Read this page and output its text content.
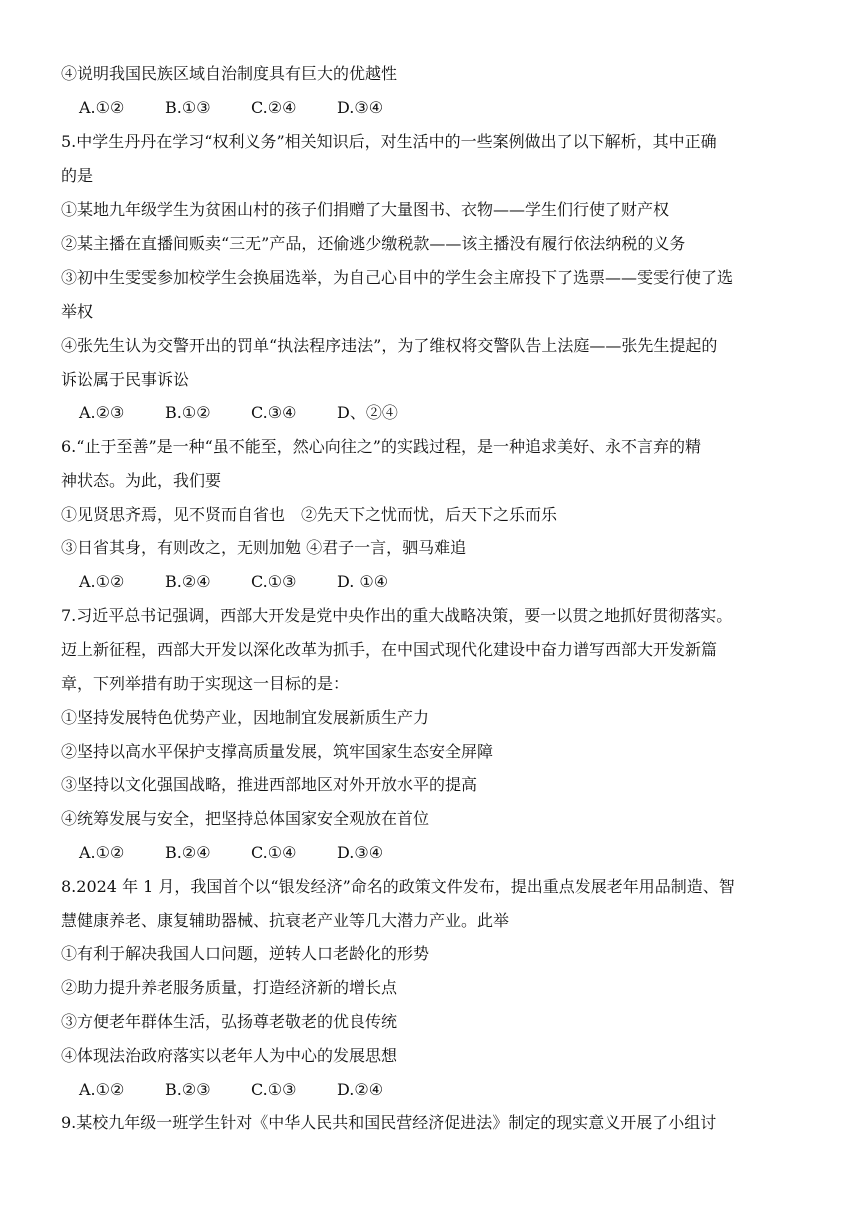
④说明我国民族区域自治制度具有巨大的优越性
A.①②	B.①③	C.②④	D.③④
5.中学生丹丹在学习“权利义务”相关知识后，对生活中的一些案例做出了以下解析，其中正确
的是
①某地九年级学生为贫困山村的孩子们捐赠了大量图书、衣物——学生们行使了财产权
②某主播在直播间贩卖“三无”产品，还偷逃少缴税款——该主播没有履行依法纳税的义务
③初中生雯雯参加校学生会换届选举，为自己心目中的学生会主席投下了选票——雯雯行使了选
举权
④张先生认为交警开出的罚单“执法程序违法”，为了维权将交警队告上法庭——张先生提起的
诉讼属于民事诉讼
A.②③	B.①②	C.③④	D、②④
6.“止于至善”是一种“虽不能至，然心向往之”的实践过程，是一种追求美好、永不言弃的精
神状态。为此，我们要
①见贤思齐焉，见不贤而自省也　②先天下之忧而忧，后天下之乐而乐
③日省其身，有则改之，无则加勉 ④君子一言，驷马难追
A.①②	B.②④	C.①③	D. ①④
7.习近平总书记强调，西部大开发是党中央作出的重大战略决策，要一以贯之地抓好贯彻落实。
迈上新征程，西部大开发以深化改革为抓手，在中国式现代化建设中奋力谱写西部大开发新篇
章，下列举措有助于实现这一目标的是：
①坚持发展特色优势产业，因地制宜发展新质生产力
②坚持以高水平保护支撑高质量发展，筑牢国家生态安全屏障
③坚持以文化强国战略，推进西部地区对外开放水平的提高
④统筹发展与安全，把坚持总体国家安全观放在首位
A.①②	B.②④	C.①④	D.③④
8.2024 年 1 月，我国首个以“银发经济”命名的政策文件发布，提出重点发展老年用品制造、智
慧健康养老、康复辅助器械、抗衰老产业等几大潜力产业。此举
①有利于解决我国人口问题，逆转人口老龄化的形势
②助力提升养老服务质量，打造经济新的增长点
③方便老年群体生活，弘扬尊老敬老的优良传统
④体现法治政府落实以老年人为中心的发展思想
A.①②	B.②③	C.①③	D.②④
9.某校九年级一班学生针对《中华人民共和国民营经济促进法》制定的现实意义开展了小组讨
